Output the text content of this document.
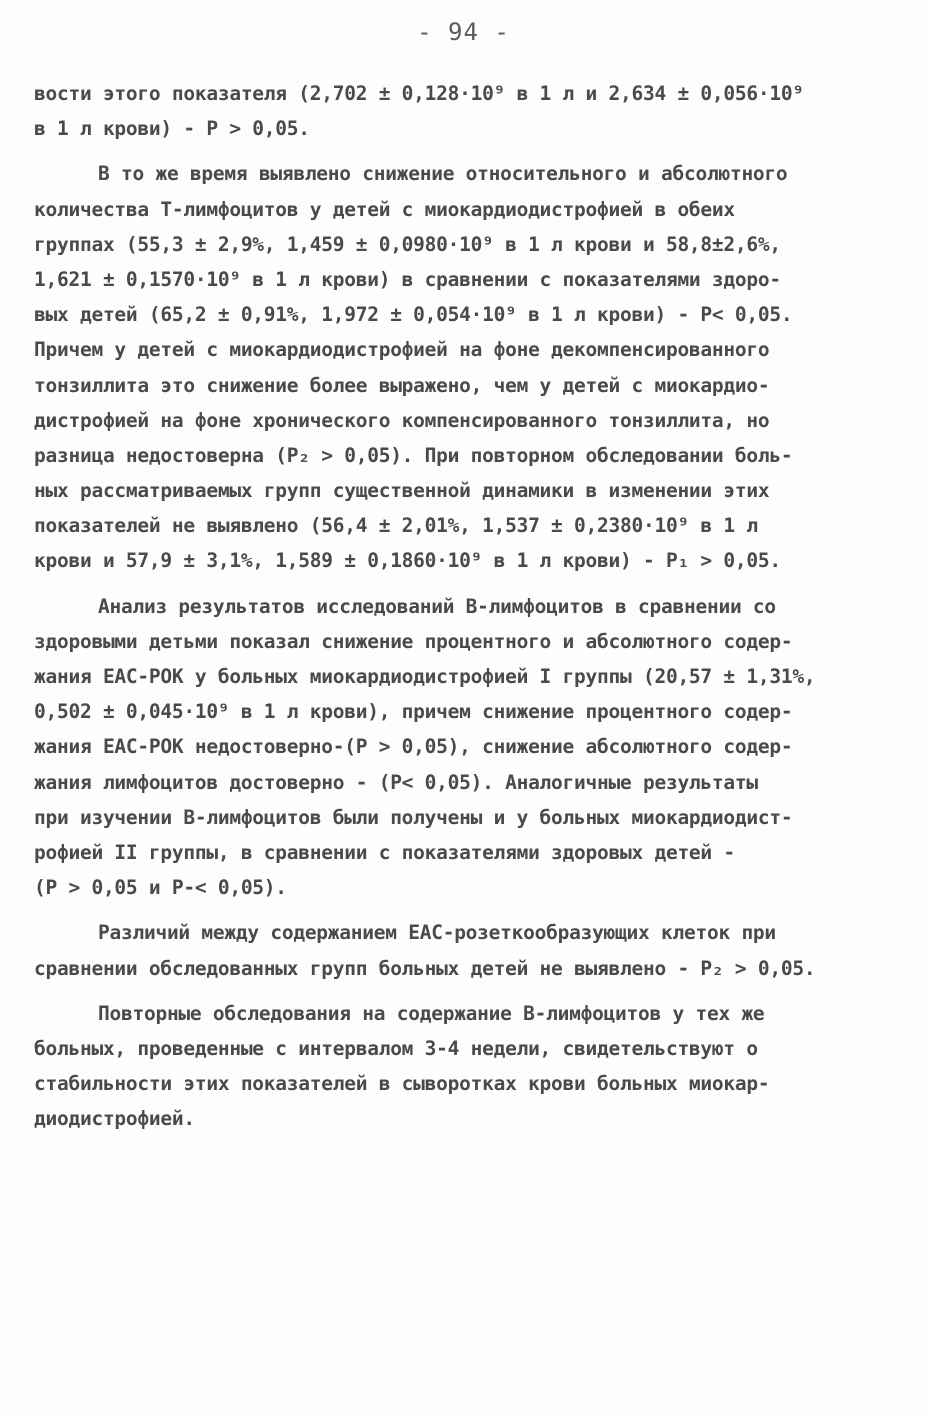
- 94 -
вости этого показателя (2,702 ± 0,128·10⁹ в 1 л и 2,634 ± 0,056·10⁹
в 1 л крови) - Р > 0,05.
В то же время выявлено снижение относительного и абсолютного
количества Т-лимфоцитов у детей с миокардиодистрофией в обеих
группах (55,3 ± 2,9%, 1,459 ± 0,0980·10⁹ в 1 л крови и 58,8±2,6%,
1,621 ± 0,1570·10⁹ в 1 л крови) в сравнении с показателями здоро-
вых детей (65,2 ± 0,91%, 1,972 ± 0,054·10⁹ в 1 л крови) - Р< 0,05.
Причем у детей с миокардиодистрофией на фоне декомпенсированного
тонзиллита это снижение более выражено, чем у детей с миокардио-
дистрофией на фоне хронического компенсированного тонзиллита, но
разница недостоверна (Р₂ > 0,05). При повторном обследовании боль-
ных рассматриваемых групп существенной динамики в изменении этих
показателей не выявлено (56,4 ± 2,01%, 1,537 ± 0,2380·10⁹ в 1 л
крови и 57,9 ± 3,1%, 1,589 ± 0,1860·10⁹ в 1 л крови) - Р₁ > 0,05.
Анализ результатов исследований В-лимфоцитов в сравнении со
здоровыми детьми показал снижение процентного и абсолютного содер-
жания ЕАС-РОК у больных миокардиодистрофией I группы (20,57 ± 1,31%,
0,502 ± 0,045·10⁹ в 1 л крови), причем снижение процентного содер-
жания ЕАС-РОК недостоверно-(Р > 0,05), снижение абсолютного содер-
жания лимфоцитов достоверно - (Р< 0,05). Аналогичные результаты
при изучении В-лимфоцитов были получены и у больных миокардиодист-
рофией II группы, в сравнении с показателями здоровых детей -
(Р > 0,05 и Р-< 0,05).
Различий между содержанием ЕАС-розеткообразующих клеток при
сравнении обследованных групп больных детей не выявлено - Р₂ > 0,05.
Повторные обследования на содержание В-лимфоцитов у тех же
больных, проведенные с интервалом 3-4 недели, свидетельствуют о
стабильности этих показателей в сыворотках крови больных миокар-
диодистрофией.
